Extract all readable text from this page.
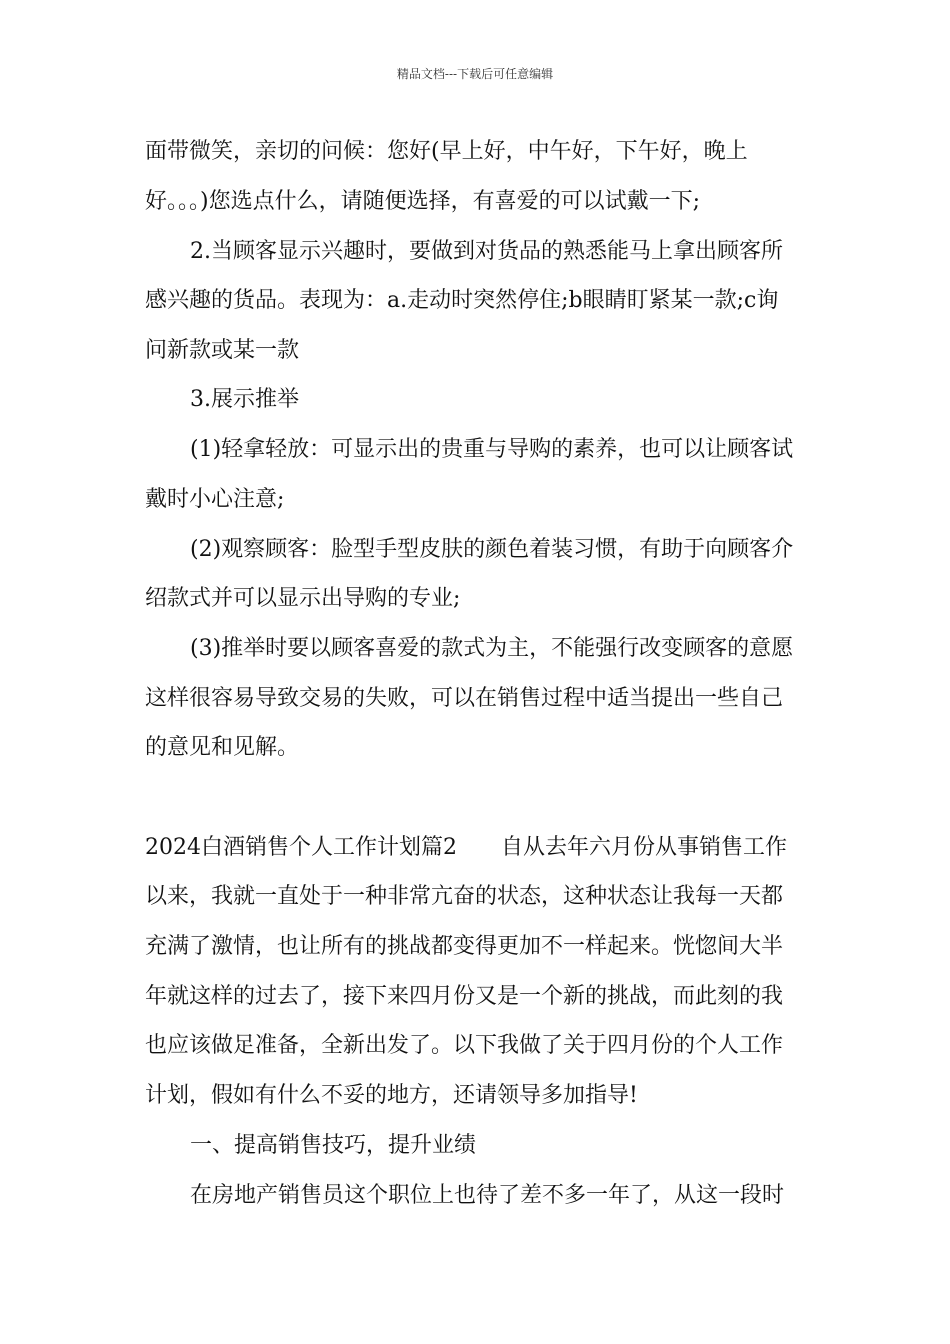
精品文档---下载后可任意编辑
面带微笑，亲切的问候：您好(早上好，中午好，下午好，晚上
好。。。)您选点什么，请随便选择，有喜爱的可以试戴一下;
2.当顾客显示兴趣时，要做到对货品的熟悉能马上拿出顾客所
感兴趣的货品。表现为：a.走动时突然停住;b眼睛盯紧某一款;c询
问新款或某一款
3.展示推举
(1)轻拿轻放：可显示出的贵重与导购的素养，也可以让顾客试
戴时小心注意;
(2)观察顾客：脸型手型皮肤的颜色着装习惯，有助于向顾客介
绍款式并可以显示出导购的专业;
(3)推举时要以顾客喜爱的款式为主，不能强行改变顾客的意愿
这样很容易导致交易的失败，可以在销售过程中适当提出一些自己
的意见和见解。
2024白酒销售个人工作计划篇2　　自从去年六月份从事销售工作
以来，我就一直处于一种非常亢奋的状态，这种状态让我每一天都
充满了激情，也让所有的挑战都变得更加不一样起来。恍惚间大半
年就这样的过去了，接下来四月份又是一个新的挑战，而此刻的我
也应该做足准备，全新出发了。以下我做了关于四月份的个人工作
计划，假如有什么不妥的地方，还请领导多加指导!
一、提高销售技巧，提升业绩
在房地产销售员这个职位上也待了差不多一年了，从这一段时
